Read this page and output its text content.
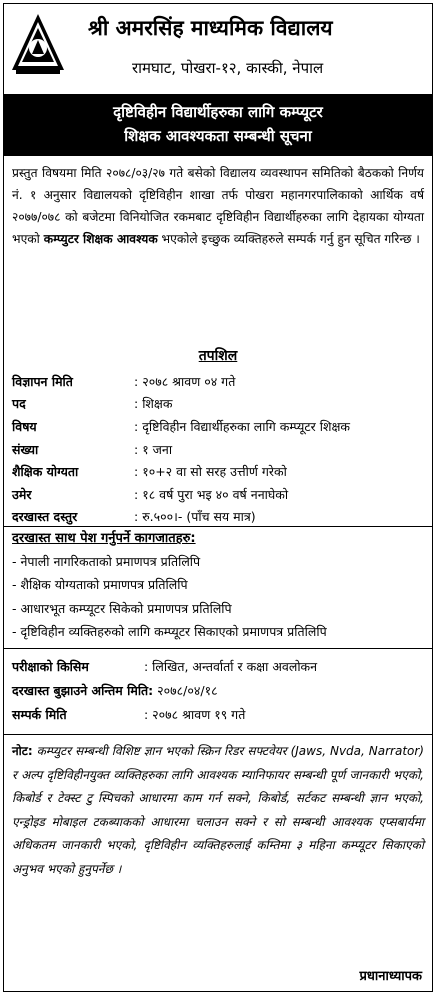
श्री अमरसिंह माध्यमिक विद्यालय
रामघाट, पोखरा-१२, कास्की, नेपाल
दृष्टिविहीन विद्यार्थीहरुका लागि कम्प्यूटर
शिक्षक आवश्यकता सम्बन्धी सूचना
प्रस्तुत विषयमा मिति २०७८/०३/२७ गते बसेको विद्यालय व्यवस्थापन समितिको बैठकको निर्णय नं. १ अनुसार विद्यालयको दृष्टिविहीन शाखा तर्फ पोखरा महानगरपालिकाको आर्थिक वर्ष २०७७/०७८ को बजेटमा विनियोजित रकमबाट दृष्टिविहीन विद्यार्थीहरुका लागि देहायका योग्यता भएको कम्प्युटर शिक्षक आवश्यक भएकोले इच्छुक व्यक्तिहरुले सम्पर्क गर्नु हुन सूचित गरिन्छ ।
तपशिल
विज्ञापन मिति	: २०७८ श्रावण ०४ गते
पद	: शिक्षक
विषय	: दृष्टिविहीन विद्यार्थीहरुका लागि कम्प्यूटर शिक्षक
संख्या	: १ जना
शैक्षिक योग्यता	: १०+२ वा सो सरह उत्तीर्ण गरेको
उमेर	: १८ वर्ष पुरा भइ ४० वर्ष ननाघेको
दरखास्त दस्तुर	: रु.५००।- (पाँच सय मात्र)
दरखास्त साथ पेश गर्नुपर्ने कागजातहरु:
- नेपाली नागरिकताको प्रमाणपत्र प्रतिलिपि
- शैक्षिक योग्यताको प्रमाणपत्र प्रतिलिपि
- आधारभूत कम्प्यूटर सिकेको प्रमाणपत्र प्रतिलिपि
- दृष्टिविहीन व्यक्तिहरुको लागि कम्प्यूटर सिकाएको प्रमाणपत्र प्रतिलिपि
परीक्षाको किसिम	: लिखित, अन्तर्वार्ता र कक्षा अवलोकन
दरखास्त बुझाउने अन्तिम मिति: २०७८/०४/१८
सम्पर्क मिति	: २०७८ श्रावण १९ गते
नोट: कम्प्युटर सम्बन्धी विशिष्ट ज्ञान भएको स्क्रिन रिडर सफ्टवेयर (Jaws, Nvda, Narrator) र अल्प दृष्टिविहीनयुक्त व्यक्तिहरुका लागि आवश्यक म्यानिफायर सम्बन्धी पूर्ण जानकारी भएको, किबोर्ड र टेक्स्ट टु स्पिचको आधारमा काम गर्न सक्ने, किबोर्ड, सर्टकट सम्बन्धी ज्ञान भएको, एन्ड्रोइड मोबाइल टकब्याकको आधारमा चलाउन सक्ने र सो सम्बन्धी आवश्यक एप्सबार्यमा अधिकतम जानकारी भएको, दृष्टिविहीन व्यक्तिहरुलाई कम्तिमा ३ महिना कम्प्यूटर सिकाएको अनुभव भएको हुनुपर्नेछ ।
प्रधानाध्यापक
